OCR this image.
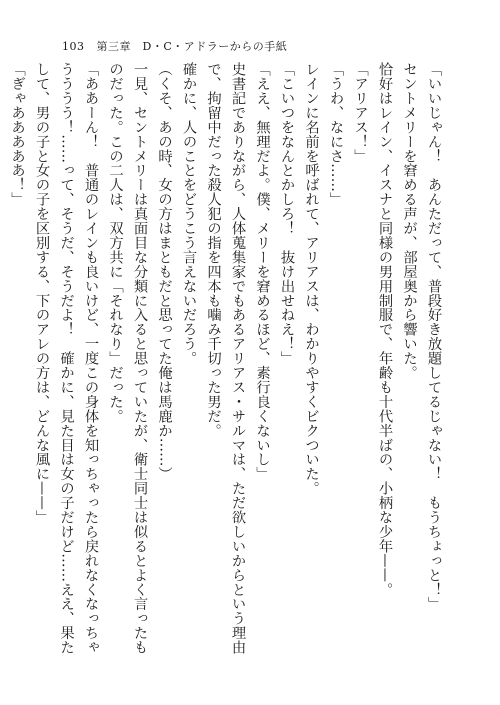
103 第三章　D・C・アドラーからの手紙

「いいじゃん！　あんただって、普段好き放題してるじゃない！　もうちょっと！」

セントメリーを窘める声が、部屋奥から響いた。

恰好はレイン、イスナと同様の男用制服で、年齢も十代半ばの、小柄な少年——。

「アリアス！」

「うわ、なにさ……」

レインに名前を呼ばれて、アリアスは、わかりやすくビクついた。

「こいつをなんとかしろ！　抜け出せねえ！」

「ええ、無理だよ。僕、メリーを窘めるほど、素行良くないし」

史書記でありながら、人体蒐集家でもあるアリアス・サルマは、ただ欲しいからという理由で、拘留中だった殺人犯の指を四本も噛み千切った男だ。

確かに、人のことをどうこう言えないだろう。

（くそ、あの時、女の方はまともだと思ってた俺は馬鹿か……）

一見、セントメリーは真面目な分類に入ると思っていたが、衛士同士は似るとよく言ったものだった。この二人は、双方共に「それなり」だった。

「ああーん！　普通のレインも良いけど、一度この身体を知っちゃったら戻れなくなっちゃうううう！……って、そうだ、そうだよ！　確かに、見た目は女の子だけど……ええ、果たして、男の子と女の子を区別する、下のアレの方は、どんな風に——」

「ぎゃあああああ！」
